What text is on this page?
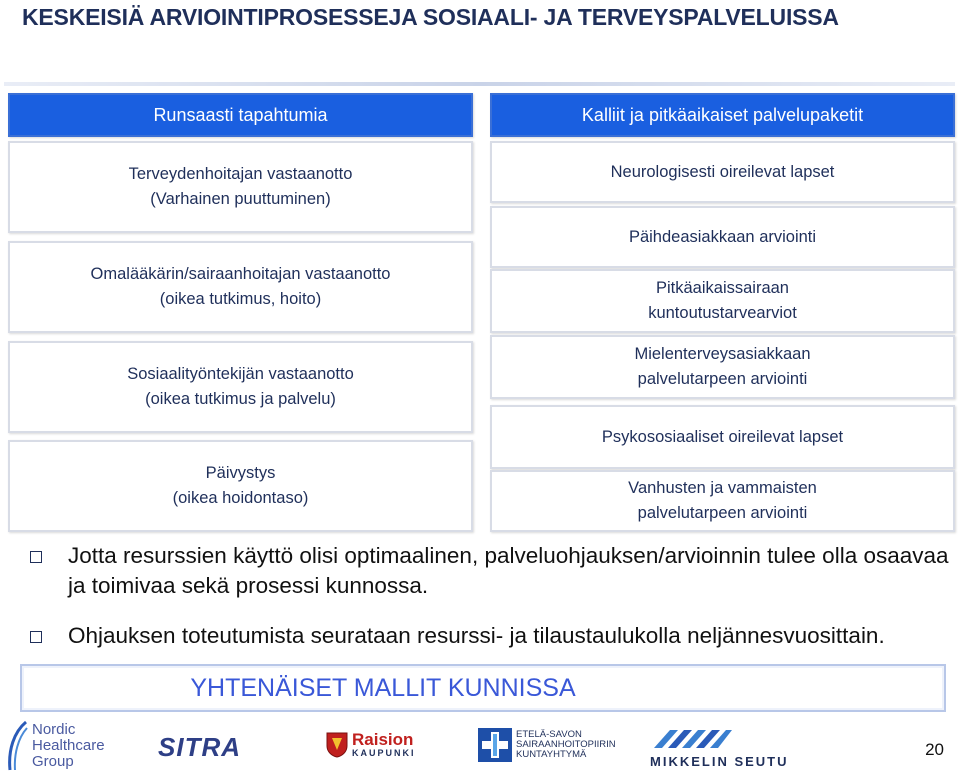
KESKEISIÄ ARVIOINTIPROSESSEJA SOSIAALI- JA TERVEYSPALVELUISSA
Runsaasti tapahtumia
Terveydenhoitajan vastaanotto
(Varhainen puuttuminen)
Omalääkärin/sairaanhoitajan vastaanotto
(oikea tutkimus, hoito)
Sosiaalityöntekijän vastaanotto
(oikea tutkimus ja palvelu)
Päivystys
(oikea hoidontaso)
Kalliit ja pitkäaikaiset palvelupaketit
Neurologisesti oireilevat lapset
Päihdeasiakkaan arviointi
Pitkäaikaissairaan
kuntoutustarvearviot
Mielenterveysasiakkaan
palvelutarpeen arviointi
Psykososiaaliset oireilevat lapset
Vanhusten ja vammaisten
palvelutarpeen arviointi
Jotta resurssien käyttö olisi optimaalinen, palveluohjauksen/arvioinnin tulee olla osaavaa ja toimivaa sekä prosessi kunnossa.
Ohjauksen toteutumista seurataan resurssi- ja tilaustaulukolla neljännesvuosittain.
YHTENÄISET MALLIT KUNNISSA
Nordic
Healthcare
Group	SITRA	Raision
KAUPUNKI
ETELÄ-SAVON
SAIRAANHOITOPIIRIN
KUNTAYHTYMÄ	MIKKELIN SEUTU
20
